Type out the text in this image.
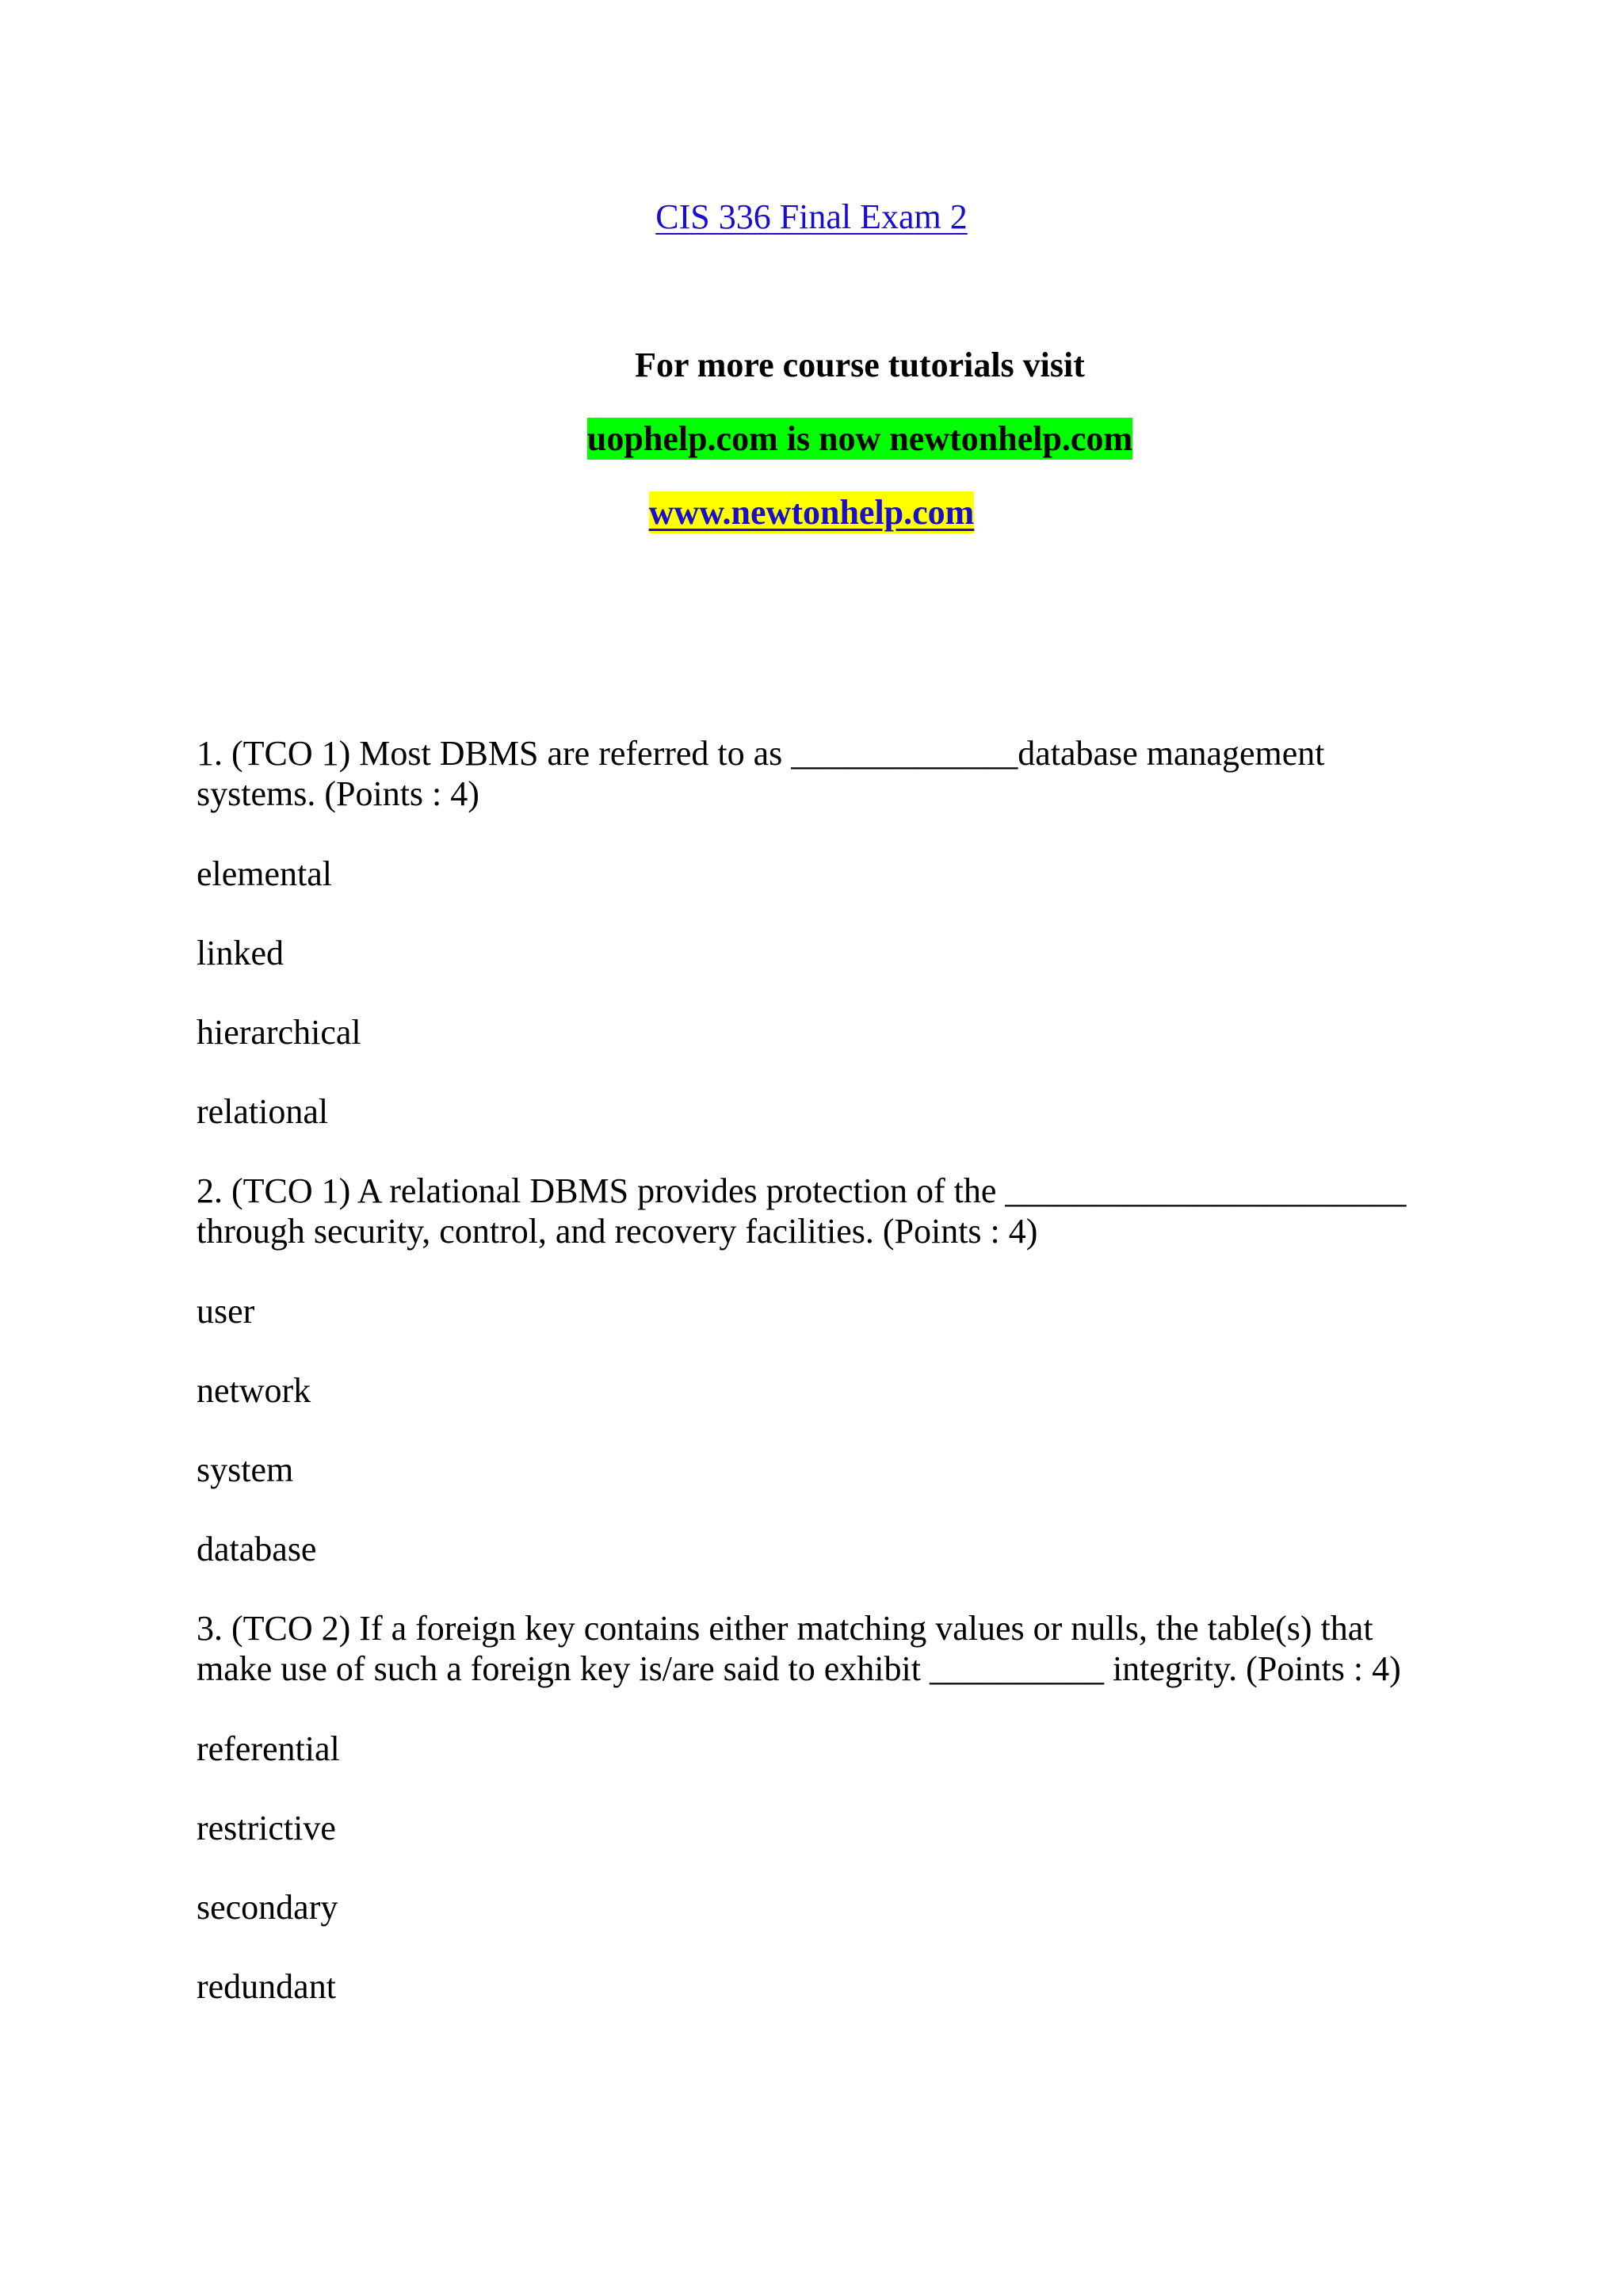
CIS 336 Final Exam 2
For more course tutorials visit
uophelp.com is now newtonhelp.com
www.newtonhelp.com

1. (TCO 1) Most DBMS are referred to as _____________database management systems. (Points : 4)

elemental

linked

hierarchical

relational

2. (TCO 1) A relational DBMS provides protection of the _______________________ through security, control, and recovery facilities. (Points : 4)

user

network

system

database

3. (TCO 2) If a foreign key contains either matching values or nulls, the table(s) that make use of such a foreign key is/are said to exhibit __________ integrity. (Points : 4)

referential

restrictive

secondary

redundant
